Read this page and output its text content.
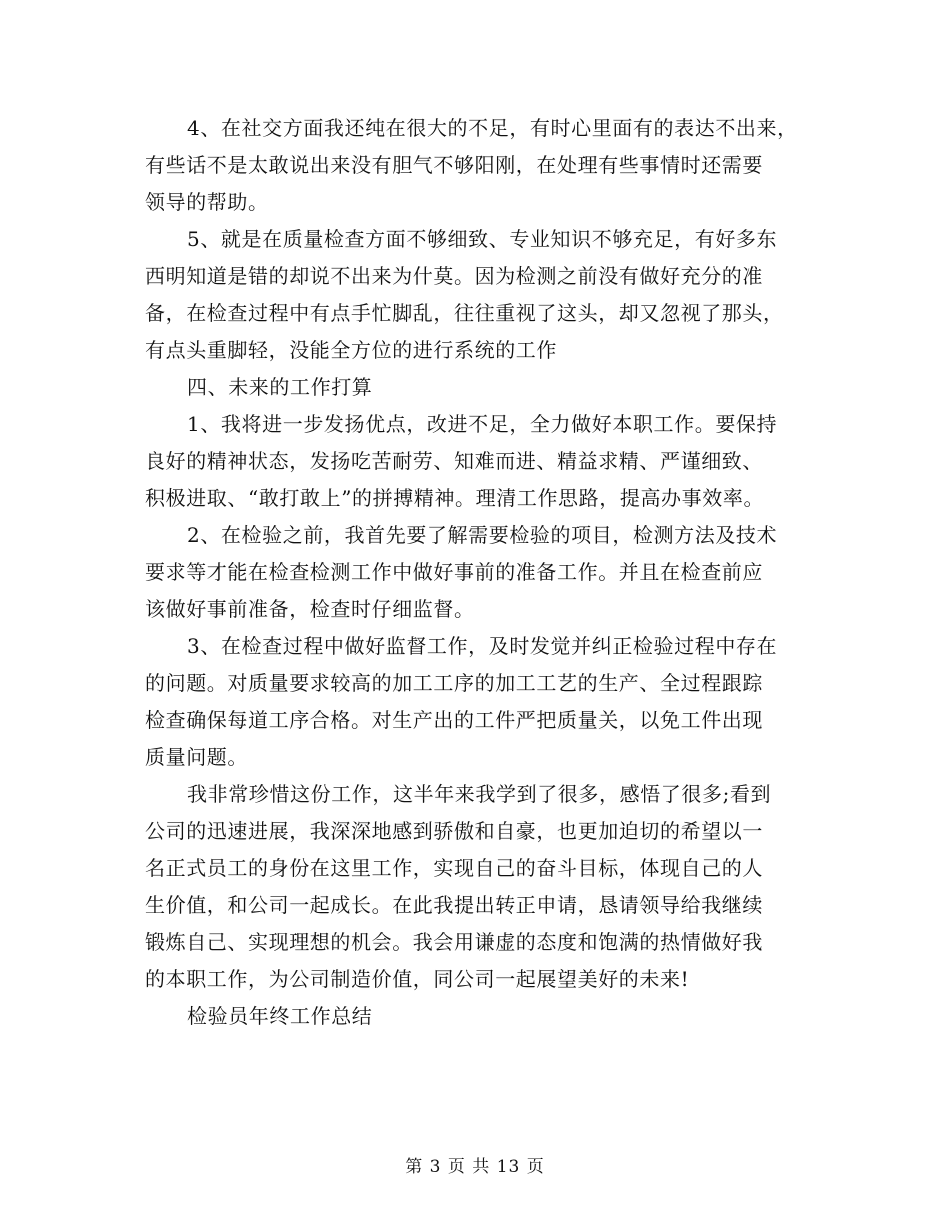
4、在社交方面我还纯在很大的不足，有时心里面有的表达不出来，
有些话不是太敢说出来没有胆气不够阳刚，在处理有些事情时还需要
领导的帮助。
5、就是在质量检查方面不够细致、专业知识不够充足，有好多东
西明知道是错的却说不出来为什莫。因为检测之前没有做好充分的准
备，在检查过程中有点手忙脚乱，往往重视了这头，却又忽视了那头，
有点头重脚轻，没能全方位的进行系统的工作
四、未来的工作打算
1、我将进一步发扬优点，改进不足，全力做好本职工作。要保持
良好的精神状态，发扬吃苦耐劳、知难而进、精益求精、严谨细致、
积极进取、“敢打敢上”的拼搏精神。理清工作思路，提高办事效率。
2、在检验之前，我首先要了解需要检验的项目，检测方法及技术
要求等才能在检查检测工作中做好事前的准备工作。并且在检查前应
该做好事前准备，检查时仔细监督。
3、在检查过程中做好监督工作，及时发觉并纠正检验过程中存在
的问题。对质量要求较高的加工工序的加工工艺的生产、全过程跟踪
检查确保每道工序合格。对生产出的工件严把质量关，以免工件出现
质量问题。
我非常珍惜这份工作，这半年来我学到了很多，感悟了很多;看到
公司的迅速进展，我深深地感到骄傲和自豪，也更加迫切的希望以一
名正式员工的身份在这里工作，实现自己的奋斗目标，体现自己的人
生价值，和公司一起成长。在此我提出转正申请，恳请领导给我继续
锻炼自己、实现理想的机会。我会用谦虚的态度和饱满的热情做好我
的本职工作，为公司制造价值，同公司一起展望美好的未来!
检验员年终工作总结
第 3 页 共 13 页
